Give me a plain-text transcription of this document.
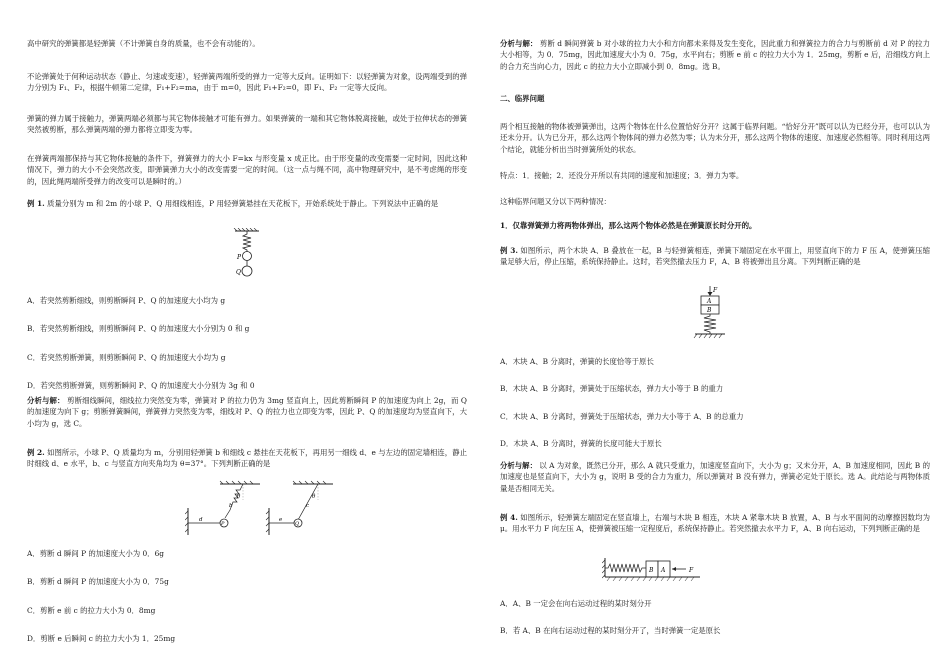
高中研究的弹簧都是轻弹簧（不计弹簧自身的质量，也不会有动能的）。

不论弹簧处于何种运动状态（静止、匀速或变速），轻弹簧两端所受的弹力一定等大反向。证明如下：以轻弹簧为对象，设两端受到的弹力分别为 F₁、F₂，根据牛顿第二定律，F₁+F₂=ma，由于 m=0，因此 F₁+F₂=0，即 F₁、F₂ 一定等大反向。

弹簧的弹力属于接触力，弹簧两端必须都与其它物体接触才可能有弹力。如果弹簧的一端和其它物体脱离接触，或处于拉伸状态的弹簧突然被剪断，那么弹簧两端的弹力都将立即变为零。

在弹簧两端都保持与其它物体接触的条件下，弹簧弹力的大小 F=kx 与形变量 x 成正比。由于形变量的改变需要一定时间，因此这种情况下，弹力的大小不会突然改变，即弹簧弹力大小的改变需要一定的时间。（这一点与绳不同，高中物理研究中，是不考虑绳的形变的，因此绳两端所受弹力的改变可以是瞬时的。）

例 1. 质量分别为 m 和 2m 的小球 P、Q 用细线相连，P 用轻弹簧悬挂在天花板下，开始系统处于静止。下列说法中正确的是

P
Q

A．若突然剪断细线，则剪断瞬间 P、Q 的加速度大小均为 g

B．若突然剪断细线，则剪断瞬间 P、Q 的加速度大小分别为 0 和 g

C．若突然剪断弹簧，则剪断瞬间 P、Q 的加速度大小均为 g

D．若突然剪断弹簧，则剪断瞬间 P、Q 的加速度大小分别为 3g 和 0

分析与解： 剪断细线瞬间，细线拉力突然变为零，弹簧对 P 的拉力仍为 3mg 竖直向上，因此剪断瞬间 P 的加速度为向上 2g，而 Q 的加速度为向下 g；剪断弹簧瞬间，弹簧弹力突然变为零，细线对 P、Q 的拉力也立即变为零，因此 P、Q 的加速度均为竖直向下，大小均为 g，选 C。

例 2. 如图所示，小球 P、Q 质量均为 m，分别用轻弹簧 b 和细线 c 悬挂在天花板下，再用另一细线 d、e 与左边的固定墙相连，静止时细线 d、e 水平，b、c 与竖直方向夹角均为 θ=37°。下列判断正确的是

θ
b
d
P
θ
c
e
Q

A．剪断 d 瞬间 P 的加速度大小为 0．6g

B．剪断 d 瞬间 P 的加速度大小为 0．75g

C．剪断 e 前 c 的拉力大小为 0．8mg

D．剪断 e 后瞬间 c 的拉力大小为 1．25mg

分析与解： 剪断 d 瞬间弹簧 b 对小球的拉力大小和方向都未来得及发生变化，因此重力和弹簧拉力的合力与剪断前 d 对 P 的拉力大小相等，为 0．75mg，因此加速度大小为 0．75g，水平向右；剪断 e 前 c 的拉力大小为 1．25mg，剪断 e 后，沿细线方向上的合力充当向心力，因此 c 的拉力大小立即减小到 0．8mg。选 B。

二、临界问题

两个相互接触的物体被弹簧弹出，这两个物体在什么位置恰好分开？这属于临界问题。“恰好分开”既可以认为已经分开，也可以认为还未分开。认为已分开，那么这两个物体间的弹力必然为零；认为未分开，那么这两个物体的速度、加速度必然相等。同时利用这两个结论，就能分析出当时弹簧所处的状态。

特点：1．接触；2．还没分开所以有共同的速度和加速度；3．弹力为零。

这种临界问题又分以下两种情况：

1．仅靠弹簧弹力将两物体弹出，那么这两个物体必然是在弹簧原长时分开的。

例 3. 如图所示，两个木块 A、B 叠放在一起，B 与轻弹簧相连，弹簧下端固定在水平面上，用竖直向下的力 F 压 A，使弹簧压缩量足够大后，停止压缩，系统保持静止。这时，若突然撤去压力 F，A、B 将被弹出且分离。下列判断正确的是

F
A
B

A．木块 A、B 分离时，弹簧的长度恰等于原长

B．木块 A、B 分离时，弹簧处于压缩状态，弹力大小等于 B 的重力

C．木块 A、B 分离时，弹簧处于压缩状态，弹力大小等于 A、B 的总重力

D．木块 A、B 分离时，弹簧的长度可能大于原长

分析与解： 以 A 为对象，既然已分开，那么 A 就只受重力，加速度竖直向下，大小为 g；又未分开，A、B 加速度相同，因此 B 的加速度也是竖直向下，大小为 g，说明 B 受的合力为重力，所以弹簧对 B 没有弹力，弹簧必定处于原长。选 A。此结论与两物体质量是否相同无关。

例 4. 如图所示，轻弹簧左端固定在竖直墙上，右端与木块 B 相连，木块 A 紧靠木块 B 放置，A、B 与水平面间的动摩擦因数均为 μ。用水平力 F 向左压 A，使弹簧被压缩一定程度后，系统保持静止。若突然撤去水平力 F，A、B 向右运动，下列判断正确的是

B A	F

A．A、B 一定会在向右运动过程的某时刻分开

B．若 A、B 在向右运动过程的某时刻分开了，当时弹簧一定是原长
